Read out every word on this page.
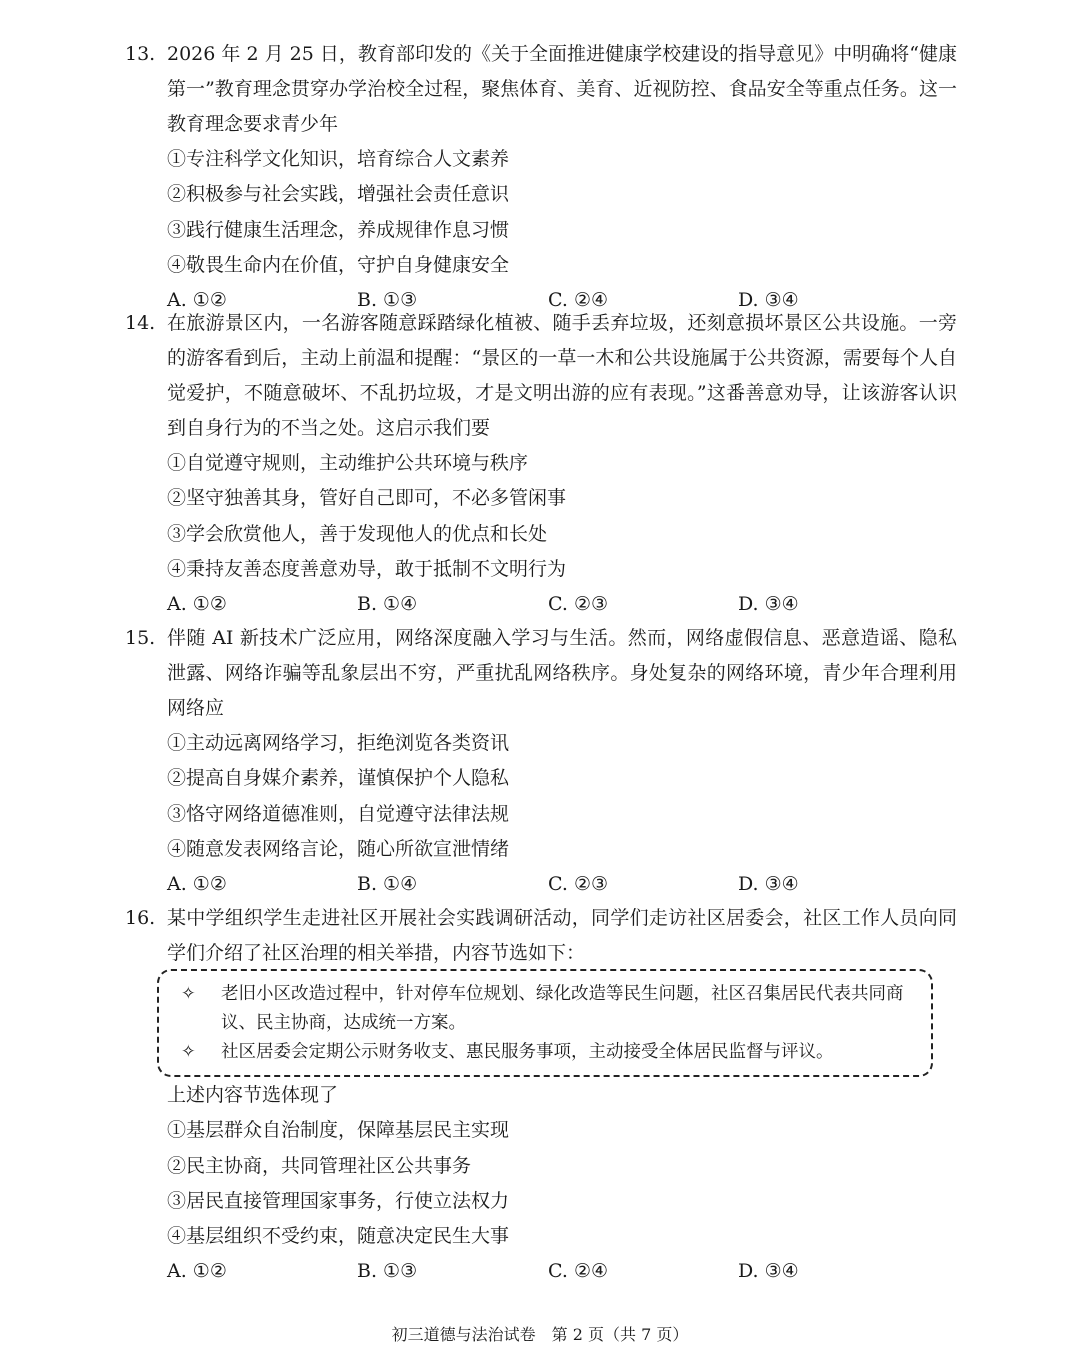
13. 2026 年 2 月 25 日，教育部印发的《关于全面推进健康学校建设的指导意见》中明确将“健康第一”教育理念贯穿办学治校全过程，聚焦体育、美育、近视防控、食品安全等重点任务。这一教育理念要求青少年
①专注科学文化知识，培育综合人文素养
②积极参与社会实践，增强社会责任意识
③践行健康生活理念，养成规律作息习惯
④敬畏生命内在价值，守护自身健康安全
A. ①②	B. ①③	C. ②④	D. ③④
14. 在旅游景区内，一名游客随意踩踏绿化植被、随手丢弃垃圾，还刻意损坏景区公共设施。一旁的游客看到后，主动上前温和提醒：“景区的一草一木和公共设施属于公共资源，需要每个人自觉爱护，不随意破坏、不乱扔垃圾，才是文明出游的应有表现。”这番善意劝导，让该游客认识到自身行为的不当之处。这启示我们要
①自觉遵守规则，主动维护公共环境与秩序
②坚守独善其身，管好自己即可，不必多管闲事
③学会欣赏他人，善于发现他人的优点和长处
④秉持友善态度善意劝导，敢于抵制不文明行为
A. ①②	B. ①④	C. ②③	D. ③④
15. 伴随 AI 新技术广泛应用，网络深度融入学习与生活。然而，网络虚假信息、恶意造谣、隐私泄露、网络诈骗等乱象层出不穷，严重扰乱网络秩序。身处复杂的网络环境，青少年合理利用网络应
①主动远离网络学习，拒绝浏览各类资讯
②提高自身媒介素养，谨慎保护个人隐私
③恪守网络道德准则，自觉遵守法律法规
④随意发表网络言论，随心所欲宣泄情绪
A. ①②	B. ①④	C. ②③	D. ③④
16. 某中学组织学生走进社区开展社会实践调研活动，同学们走访社区居委会，社区工作人员向同学们介绍了社区治理的相关举措，内容节选如下：
✧ 老旧小区改造过程中，针对停车位规划、绿化改造等民生问题，社区召集居民代表共同商议、民主协商，达成统一方案。
✧ 社区居委会定期公示财务收支、惠民服务事项，主动接受全体居民监督与评议。
上述内容节选体现了
①基层群众自治制度，保障基层民主实现
②民主协商，共同管理社区公共事务
③居民直接管理国家事务，行使立法权力
④基层组织不受约束，随意决定民生大事
A. ①②	B. ①③	C. ②④	D. ③④
初三道德与法治试卷　第 2 页（共 7 页）
